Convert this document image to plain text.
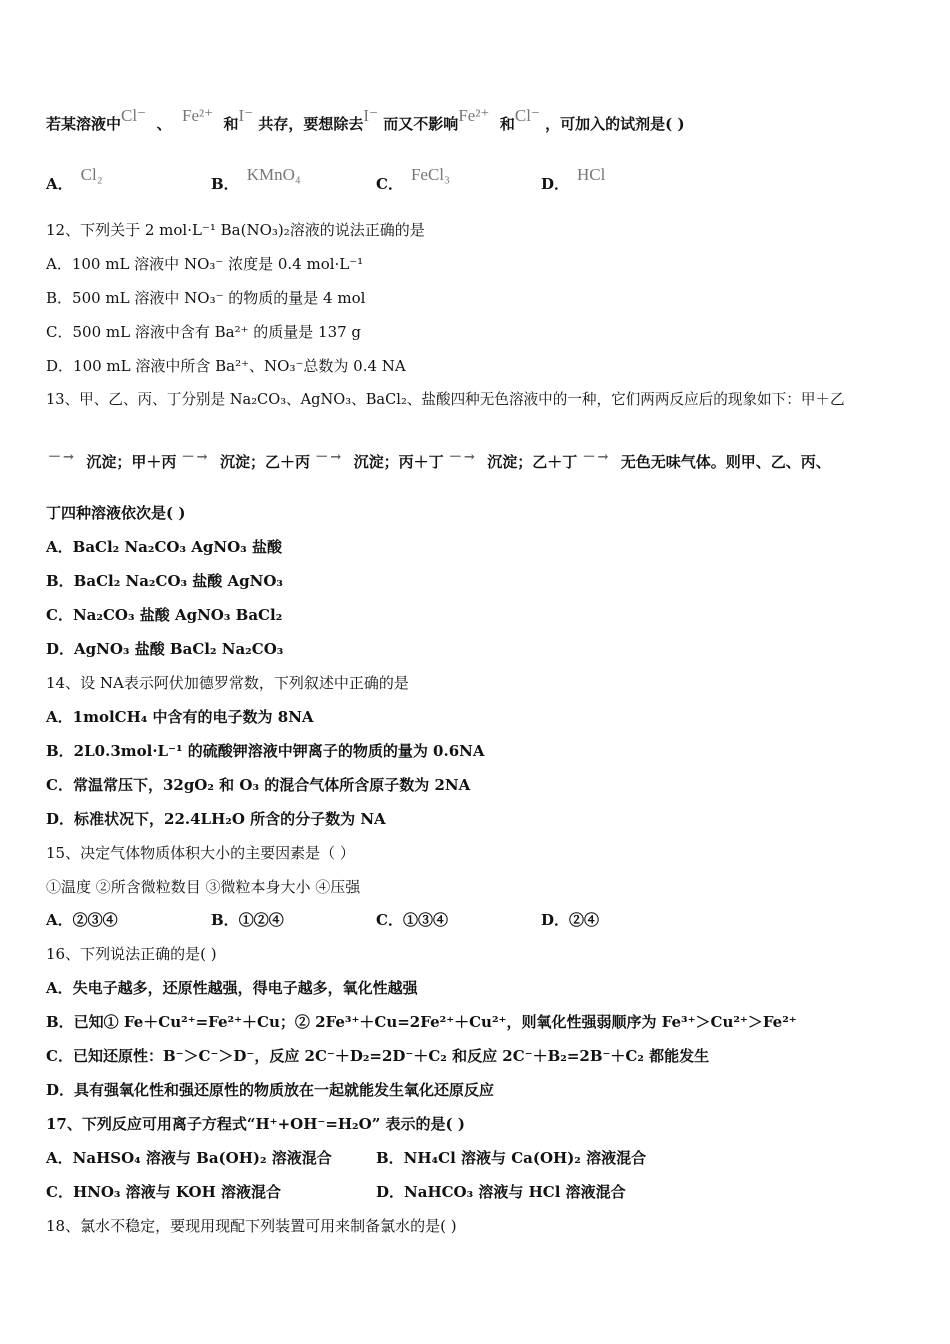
若某溶液中Cl⁻ 、 Fe²⁺ 和I⁻ 共存，要想除去I⁻ 而又不影响Fe²⁺ 和Cl⁻ ，可加入的试剂是( )
A． Cl₂	B． KMnO₄	C． FeCl₃	D． HCl
12、下列关于 2 mol·L⁻¹ Ba(NO₃)₂溶液的说法正确的是
A．100 mL 溶液中 NO₃⁻ 浓度是 0.4 mol·L⁻¹
B．500 mL 溶液中 NO₃⁻ 的物质的量是 4 mol
C．500 mL 溶液中含有 Ba²⁺ 的质量是 137 g
D．100 mL 溶液中所含 Ba²⁺、NO₃⁻总数为 0.4 NA
13、甲、乙、丙、丁分别是 Na₂CO₃、AgNO₃、BaCl₂、盐酸四种无色溶液中的一种，它们两两反应后的现象如下：甲＋乙
－→ 沉淀；甲＋丙 －→ 沉淀；乙＋丙 －→ 沉淀；丙＋丁 －→ 沉淀；乙＋丁 －→ 无色无味气体。则甲、乙、丙、
丁四种溶液依次是( )
A．BaCl₂ Na₂CO₃ AgNO₃ 盐酸
B．BaCl₂ Na₂CO₃ 盐酸 AgNO₃
C．Na₂CO₃ 盐酸 AgNO₃ BaCl₂
D．AgNO₃ 盐酸 BaCl₂ Na₂CO₃
14、设 NA表示阿伏加德罗常数，下列叙述中正确的是
A．1molCH₄ 中含有的电子数为 8NA
B．2L0.3mol·L⁻¹ 的硫酸钾溶液中钾离子的物质的量为 0.6NA
C．常温常压下，32gO₂ 和 O₃ 的混合气体所含原子数为 2NA
D．标准状况下，22.4LH₂O 所含的分子数为 NA
15、决定气体物质体积大小的主要因素是（ ）
①温度 ②所含微粒数目 ③微粒本身大小 ④压强
A．②③④	B．①②④	C．①③④	D．②④
16、下列说法正确的是( )
A．失电子越多，还原性越强，得电子越多，氧化性越强
B．已知① Fe＋Cu²⁺=Fe²⁺＋Cu；② 2Fe³⁺＋Cu=2Fe²⁺＋Cu²⁺，则氧化性强弱顺序为 Fe³⁺＞Cu²⁺＞Fe²⁺
C．已知还原性：B⁻＞C⁻＞D⁻，反应 2C⁻＋D₂=2D⁻＋C₂ 和反应 2C⁻＋B₂=2B⁻＋C₂ 都能发生
D．具有强氧化性和强还原性的物质放在一起就能发生氧化还原反应
17、下列反应可用离子方程式“H⁺+OH⁻=H₂O” 表示的是( )
A．NaHSO₄ 溶液与 Ba(OH)₂ 溶液混合	B．NH₄Cl 溶液与 Ca(OH)₂ 溶液混合
C．HNO₃ 溶液与 KOH 溶液混合	D．NaHCO₃ 溶液与 HCl 溶液混合
18、氯水不稳定，要现用现配下列装置可用来制备氯水的是( )
